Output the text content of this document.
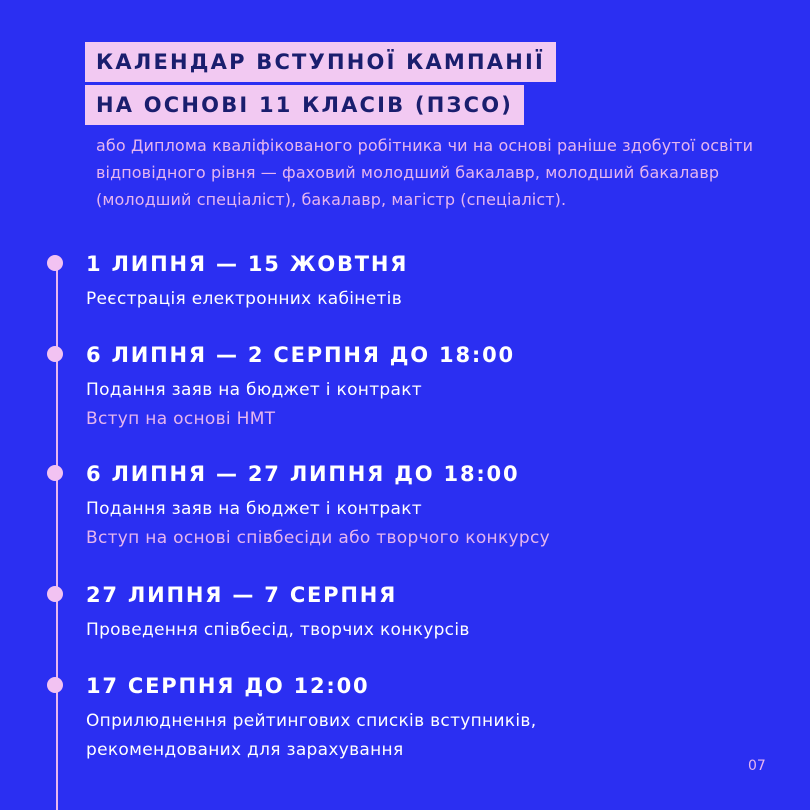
КАЛЕНДАР ВСТУПНОЇ КАМПАНІЇ
НА ОСНОВІ 11 КЛАСІВ (ПЗСО)
або Диплома кваліфікованого робітника чи на основі раніше здобутої освіти відповідного рівня — фаховий молодший бакалавр, молодший бакалавр (молодший спеціаліст), бакалавр, магістр (спеціаліст).
1 ЛИПНЯ — 15 ЖОВТНЯ
Реєстрація електронних кабінетів
6 ЛИПНЯ — 2 СЕРПНЯ ДО 18:00
Подання заяв на бюджет і контракт
Вступ на основі НМТ
6 ЛИПНЯ — 27 ЛИПНЯ ДО 18:00
Подання заяв на бюджет і контракт
Вступ на основі співбесіди або творчого конкурсу
27 ЛИПНЯ — 7 СЕРПНЯ
Проведення співбесід, творчих конкурсів
17 СЕРПНЯ ДО 12:00
Оприлюднення рейтингових списків вступників,
рекомендованих для зарахування
07
